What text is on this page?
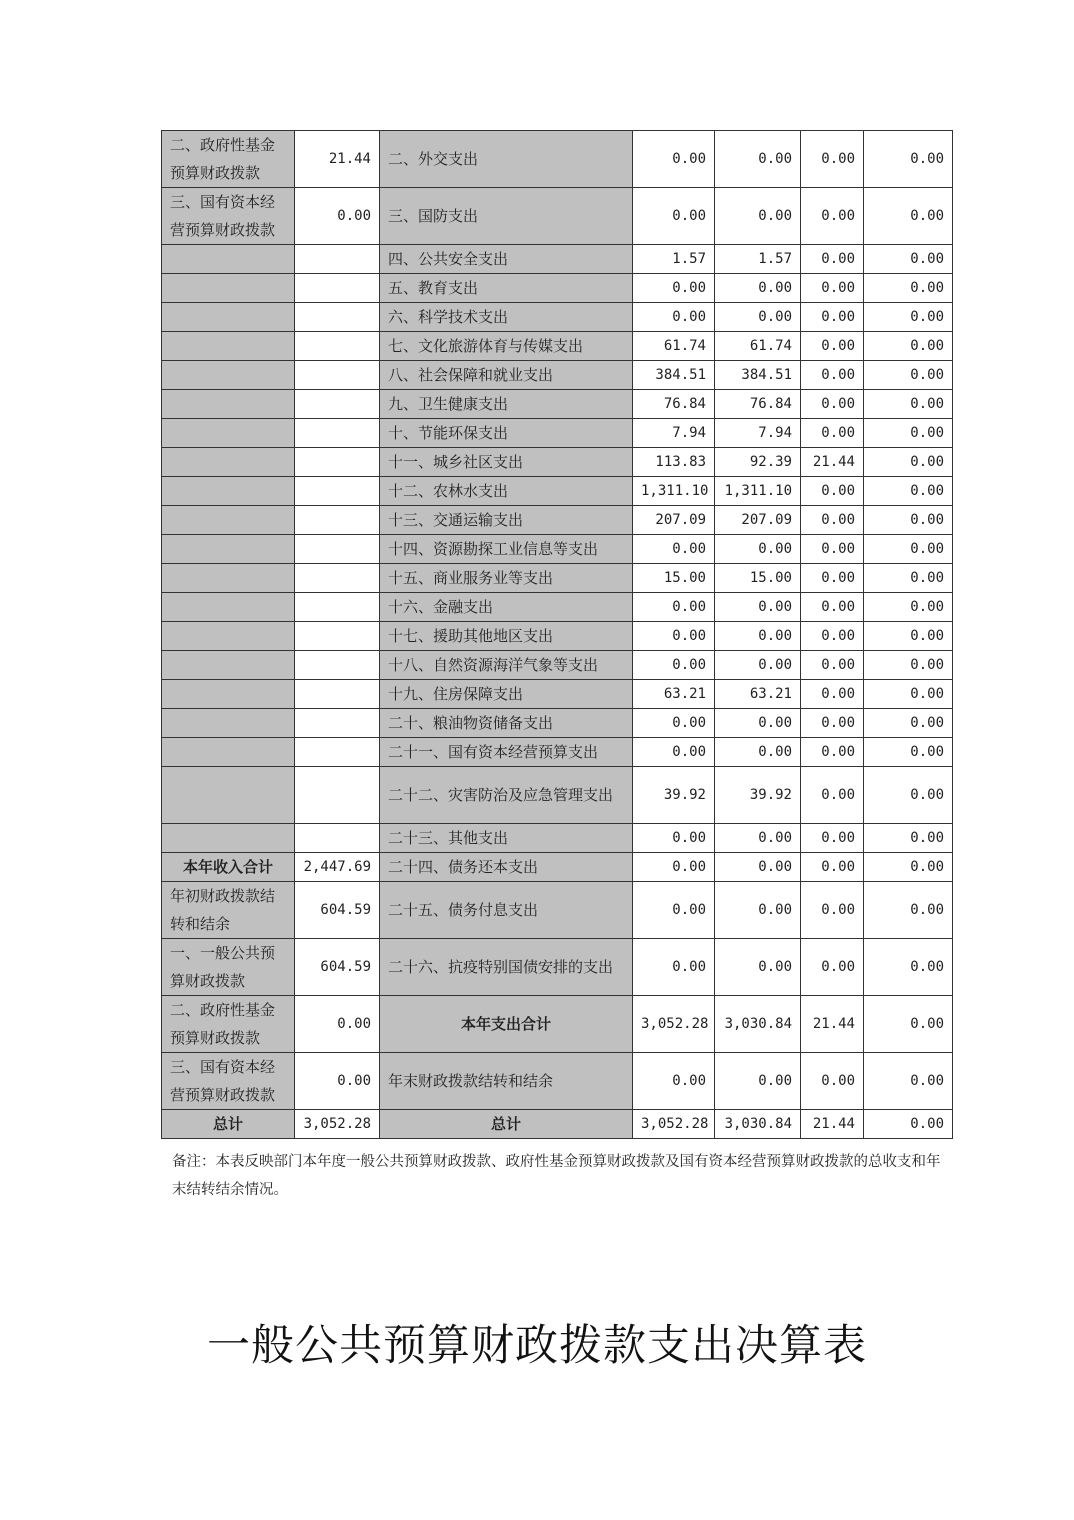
二、政府性基金预算财政拨款	21.44	二、外交支出	0.00	0.00	0.00	0.00
三、国有资本经营预算财政拨款	0.00	三、国防支出	0.00	0.00	0.00	0.00
		四、公共安全支出	1.57	1.57	0.00	0.00
		五、教育支出	0.00	0.00	0.00	0.00
		六、科学技术支出	0.00	0.00	0.00	0.00
		七、文化旅游体育与传媒支出	61.74	61.74	0.00	0.00
		八、社会保障和就业支出	384.51	384.51	0.00	0.00
		九、卫生健康支出	76.84	76.84	0.00	0.00
		十、节能环保支出	7.94	7.94	0.00	0.00
		十一、城乡社区支出	113.83	92.39	21.44	0.00
		十二、农林水支出	1,311.10	1,311.10	0.00	0.00
		十三、交通运输支出	207.09	207.09	0.00	0.00
		十四、资源勘探工业信息等支出	0.00	0.00	0.00	0.00
		十五、商业服务业等支出	15.00	15.00	0.00	0.00
		十六、金融支出	0.00	0.00	0.00	0.00
		十七、援助其他地区支出	0.00	0.00	0.00	0.00
		十八、自然资源海洋气象等支出	0.00	0.00	0.00	0.00
		十九、住房保障支出	63.21	63.21	0.00	0.00
		二十、粮油物资储备支出	0.00	0.00	0.00	0.00
		二十一、国有资本经营预算支出	0.00	0.00	0.00	0.00
		二十二、灾害防治及应急管理支出	39.92	39.92	0.00	0.00
		二十三、其他支出	0.00	0.00	0.00	0.00
本年收入合计	2,447.69	二十四、债务还本支出	0.00	0.00	0.00	0.00
年初财政拨款结转和结余	604.59	二十五、债务付息支出	0.00	0.00	0.00	0.00
一、一般公共预算财政拨款	604.59	二十六、抗疫特别国债安排的支出	0.00	0.00	0.00	0.00
二、政府性基金预算财政拨款	0.00	本年支出合计	3,052.28	3,030.84	21.44	0.00
三、国有资本经营预算财政拨款	0.00	年末财政拨款结转和结余	0.00	0.00	0.00	0.00
总计	3,052.28	总计	3,052.28	3,030.84	21.44	0.00
备注：本表反映部门本年度一般公共预算财政拨款、政府性基金预算财政拨款及国有资本经营预算财政拨款的总收支和年末结转结余情况。
一般公共预算财政拨款支出决算表
